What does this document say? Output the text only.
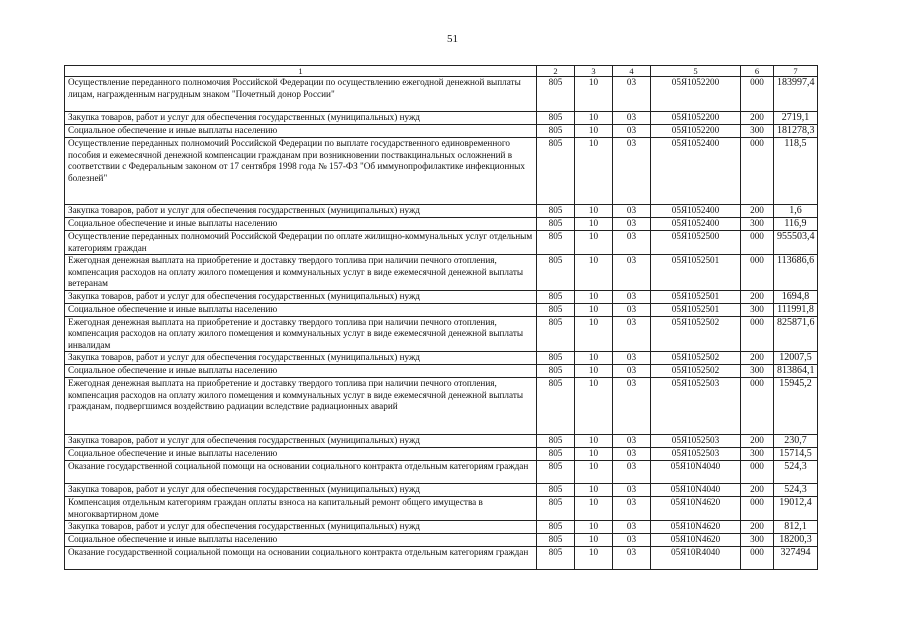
51
1	2	3	4	5	6	7
Осуществление переданного полномочия Российской Федерации по осуществлению ежегодной денежной выплаты лицам, награжденным нагрудным знаком "Почетный донор России"	805	10	03	05Я1052200	000	183997,4
Закупка товаров, работ и услуг для обеспечения государственных (муниципальных) нужд	805	10	03	05Я1052200	200	2719,1
Социальное обеспечение и иные выплаты населению	805	10	03	05Я1052200	300	181278,3
Осуществление переданных полномочий Российской Федерации по выплате государственного единовременного пособия и ежемесячной денежной компенсации гражданам при возникновении поствакцинальных осложнений в соответствии с Федеральным законом от 17 сентября 1998 года № 157-ФЗ "Об иммунопрофилактике инфекционных болезней"	805	10	03	05Я1052400	000	118,5
Закупка товаров, работ и услуг для обеспечения государственных (муниципальных) нужд	805	10	03	05Я1052400	200	1,6
Социальное обеспечение и иные выплаты населению	805	10	03	05Я1052400	300	116,9
Осуществление переданных полномочий Российской Федерации по оплате жилищно-коммунальных услуг отдельным категориям граждан	805	10	03	05Я1052500	000	955503,4
Ежегодная денежная выплата на приобретение и доставку твердого топлива при наличии печного отопления, компенсация расходов на оплату жилого помещения и коммунальных услуг в виде ежемесячной денежной выплаты ветеранам	805	10	03	05Я1052501	000	113686,6
Закупка товаров, работ и услуг для обеспечения государственных (муниципальных) нужд	805	10	03	05Я1052501	200	1694,8
Социальное обеспечение и иные выплаты населению	805	10	03	05Я1052501	300	111991,8
Ежегодная денежная выплата на приобретение и доставку твердого топлива при наличии печного отопления, компенсация расходов на оплату жилого помещения и коммунальных услуг в виде ежемесячной денежной выплаты инвалидам	805	10	03	05Я1052502	000	825871,6
Закупка товаров, работ и услуг для обеспечения государственных (муниципальных) нужд	805	10	03	05Я1052502	200	12007,5
Социальное обеспечение и иные выплаты населению	805	10	03	05Я1052502	300	813864,1
Ежегодная денежная выплата на приобретение и доставку твердого топлива при наличии печного отопления, компенсация расходов на оплату жилого помещения и коммунальных услуг в виде ежемесячной денежной выплаты гражданам, подвергшимся воздействию радиации вследствие радиационных аварий	805	10	03	05Я1052503	000	15945,2
Закупка товаров, работ и услуг для обеспечения государственных (муниципальных) нужд	805	10	03	05Я1052503	200	230,7
Социальное обеспечение и иные выплаты населению	805	10	03	05Я1052503	300	15714,5
Оказание государственной социальной помощи на основании социального контракта отдельным категориям граждан	805	10	03	05Я10N4040	000	524,3
Закупка товаров, работ и услуг для обеспечения государственных (муниципальных) нужд	805	10	03	05Я10N4040	200	524,3
Компенсация отдельным категориям граждан оплаты взноса на капитальный ремонт общего имущества в многоквартирном доме	805	10	03	05Я10N4620	000	19012,4
Закупка товаров, работ и услуг для обеспечения государственных (муниципальных) нужд	805	10	03	05Я10N4620	200	812,1
Социальное обеспечение и иные выплаты населению	805	10	03	05Я10N4620	300	18200,3
Оказание государственной социальной помощи на основании социального контракта отдельным категориям граждан	805	10	03	05Я10R4040	000	327494
